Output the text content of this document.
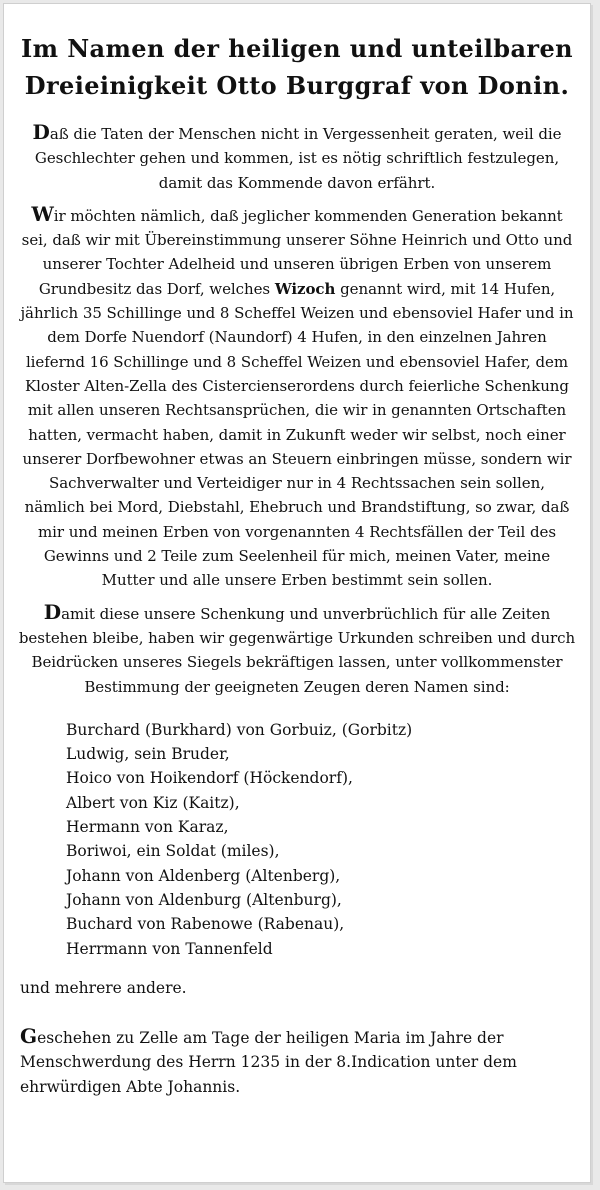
Im Namen der heiligen und unteilbaren
Dreieinigkeit Otto Burggraf von Donin.

Daß die Taten der Menschen nicht in Vergessenheit geraten, weil die Geschlechter gehen und kommen, ist es nötig schriftlich festzulegen, damit das Kommende davon erfährt.

Wir möchten nämlich, daß jeglicher kommenden Generation bekannt sei, daß wir mit Übereinstimmung unserer Söhne Heinrich und Otto und unserer Tochter Adelheid und unseren übrigen Erben von unserem Grundbesitz das Dorf, welches Wizoch genannt wird, mit 14 Hufen, jährlich 35 Schillinge und 8 Scheffel Weizen und ebensoviel Hafer und in dem Dorfe Nuendorf (Naundorf) 4 Hufen, in den einzelnen Jahren liefernd 16 Schillinge und 8 Scheffel Weizen und ebensoviel Hafer, dem Kloster Alten-Zella des Cistercienserordens durch feierliche Schenkung mit allen unseren Rechtsansprüchen, die wir in genannten Ortschaften hatten, vermacht haben, damit in Zukunft weder wir selbst, noch einer unserer Dorfbewohner etwas an Steuern einbringen müsse, sondern wir Sachverwalter und Verteidiger nur in 4 Rechtssachen sein sollen, nämlich bei Mord, Diebstahl, Ehebruch und Brandstiftung, so zwar, daß mir und meinen Erben von vorgenannten 4 Rechtsfällen der Teil des Gewinns und 2 Teile zum Seelenheil für mich, meinen Vater, meine Mutter und alle unsere Erben bestimmt sein sollen.

Damit diese unsere Schenkung und unverbrüchlich für alle Zeiten bestehen bleibe, haben wir gegenwärtige Urkunden schreiben und durch Beidrücken unseres Siegels bekräftigen lassen, unter vollkommenster Bestimmung der geeigneten Zeugen deren Namen sind:

Burchard (Burkhard) von Gorbuiz, (Gorbitz)
Ludwig, sein Bruder,
Hoico von Hoikendorf (Höckendorf),
Albert von Kiz (Kaitz),
Hermann von Karaz,
Boriwoi, ein Soldat (miles),
Johann von Aldenberg (Altenberg),
Johann von Aldenburg (Altenburg),
Buchard von Rabenowe (Rabenau),
Herrmann von Tannenfeld
und mehrere andere.

Geschehen zu Zelle am Tage der heiligen Maria im Jahre der Menschwerdung des Herrn 1235 in der 8.Indication unter dem ehrwürdigen Abte Johannis.
